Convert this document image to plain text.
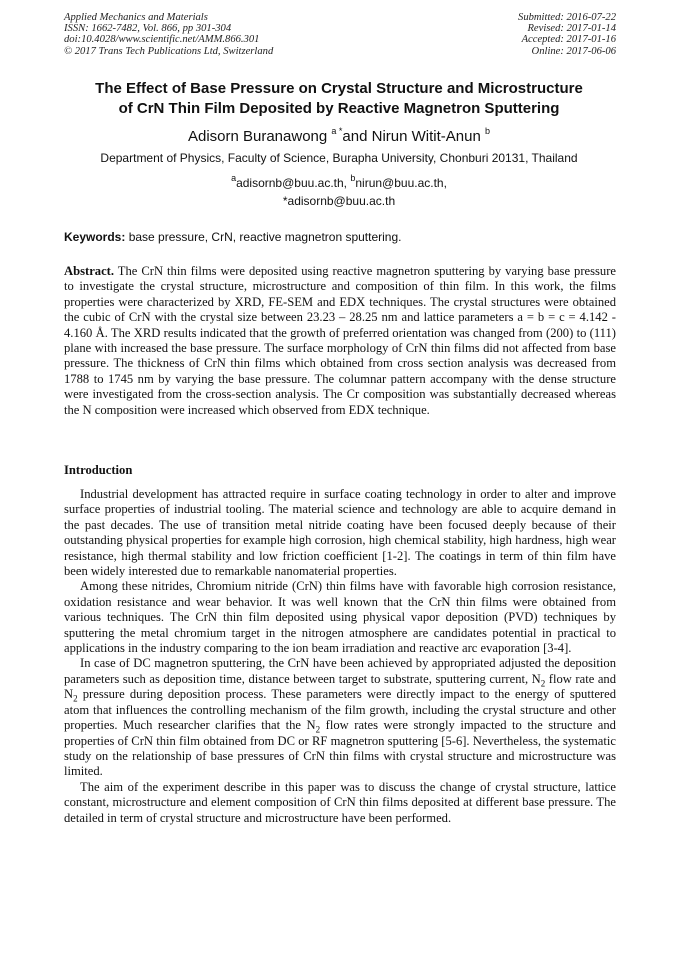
Applied Mechanics and Materials
ISSN: 1662-7482, Vol. 866, pp 301-304
doi:10.4028/www.scientific.net/AMM.866.301
© 2017 Trans Tech Publications Ltd, Switzerland
Submitted: 2016-07-22
Revised: 2017-01-14
Accepted: 2017-01-16
Online: 2017-06-06
The Effect of Base Pressure on Crystal Structure and Microstructure
of CrN Thin Film Deposited by Reactive Magnetron Sputtering
Adisorn Buranawong $^{a *}$and Nirun Witit-Anun $^b$
Department of Physics, Faculty of Science, Burapha University, Chonburi 20131, Thailand
$^a$adisornb@buu.ac.th, $^b$nirun@buu.ac.th,
*adisornb@buu.ac.th
Keywords: base pressure, CrN, reactive magnetron sputtering.
Abstract. The CrN thin films were deposited using reactive magnetron sputtering by varying base pressure to investigate the crystal structure, microstructure and composition of thin film. In this work, the films properties were characterized by XRD, FE-SEM and EDX techniques. The crystal structures were obtained the cubic of CrN with the crystal size between 23.23 – 28.25 nm and lattice parameters a = b = c = 4.142 - 4.160 Å. The XRD results indicated that the growth of preferred orientation was changed from (200) to (111) plane with increased the base pressure. The surface morphology of CrN thin films did not affected from base pressure. The thickness of CrN thin films which obtained from cross section analysis was decreased from 1788 to 1745 nm by varying the base pressure. The columnar pattern accompany with the dense structure were investigated from the cross-section analysis. The Cr composition was substantially decreased whereas the N composition were increased which observed from EDX technique.
Introduction

Industrial development has attracted require in surface coating technology in order to alter and improve surface properties of industrial tooling. The material science and technology are able to acquire demand in the past decades. The use of transition metal nitride coating have been focused deeply because of their outstanding physical properties for example high corrosion, high chemical stability, high hardness, high wear resistance, high thermal stability and low friction coefficient [1-2]. The coatings in term of thin film have been widely interested due to remarkable nanomaterial properties.

Among these nitrides, Chromium nitride (CrN) thin films have with favorable high corrosion resistance, oxidation resistance and wear behavior. It was well known that the CrN thin films were obtained from various techniques. The CrN thin film deposited using physical vapor deposition (PVD) techniques by sputtering the metal chromium target in the nitrogen atmosphere are candidates potential in practical to applications in the industry comparing to the ion beam irradiation and reactive arc evaporation [3-4].

In case of DC magnetron sputtering, the CrN have been achieved by appropriated adjusted the deposition parameters such as deposition time, distance between target to substrate, sputtering current, $N_2$ flow rate and $N_2$ pressure during deposition process. These parameters were directly impact to the energy of sputtered atom that influences the controlling mechanism of the film growth, including the crystal structure and other properties. Much researcher clarifies that the $N_2$ flow rates were strongly impacted to the structure and properties of CrN thin film obtained from DC or RF magnetron sputtering [5-6]. Nevertheless, the systematic study on the relationship of base pressures of CrN thin films with crystal structure and microstructure was limited.

The aim of the experiment describe in this paper was to discuss the change of crystal structure, lattice constant, microstructure and element composition of CrN thin films deposited at different base pressure. The detailed in term of crystal structure and microstructure have been performed.
